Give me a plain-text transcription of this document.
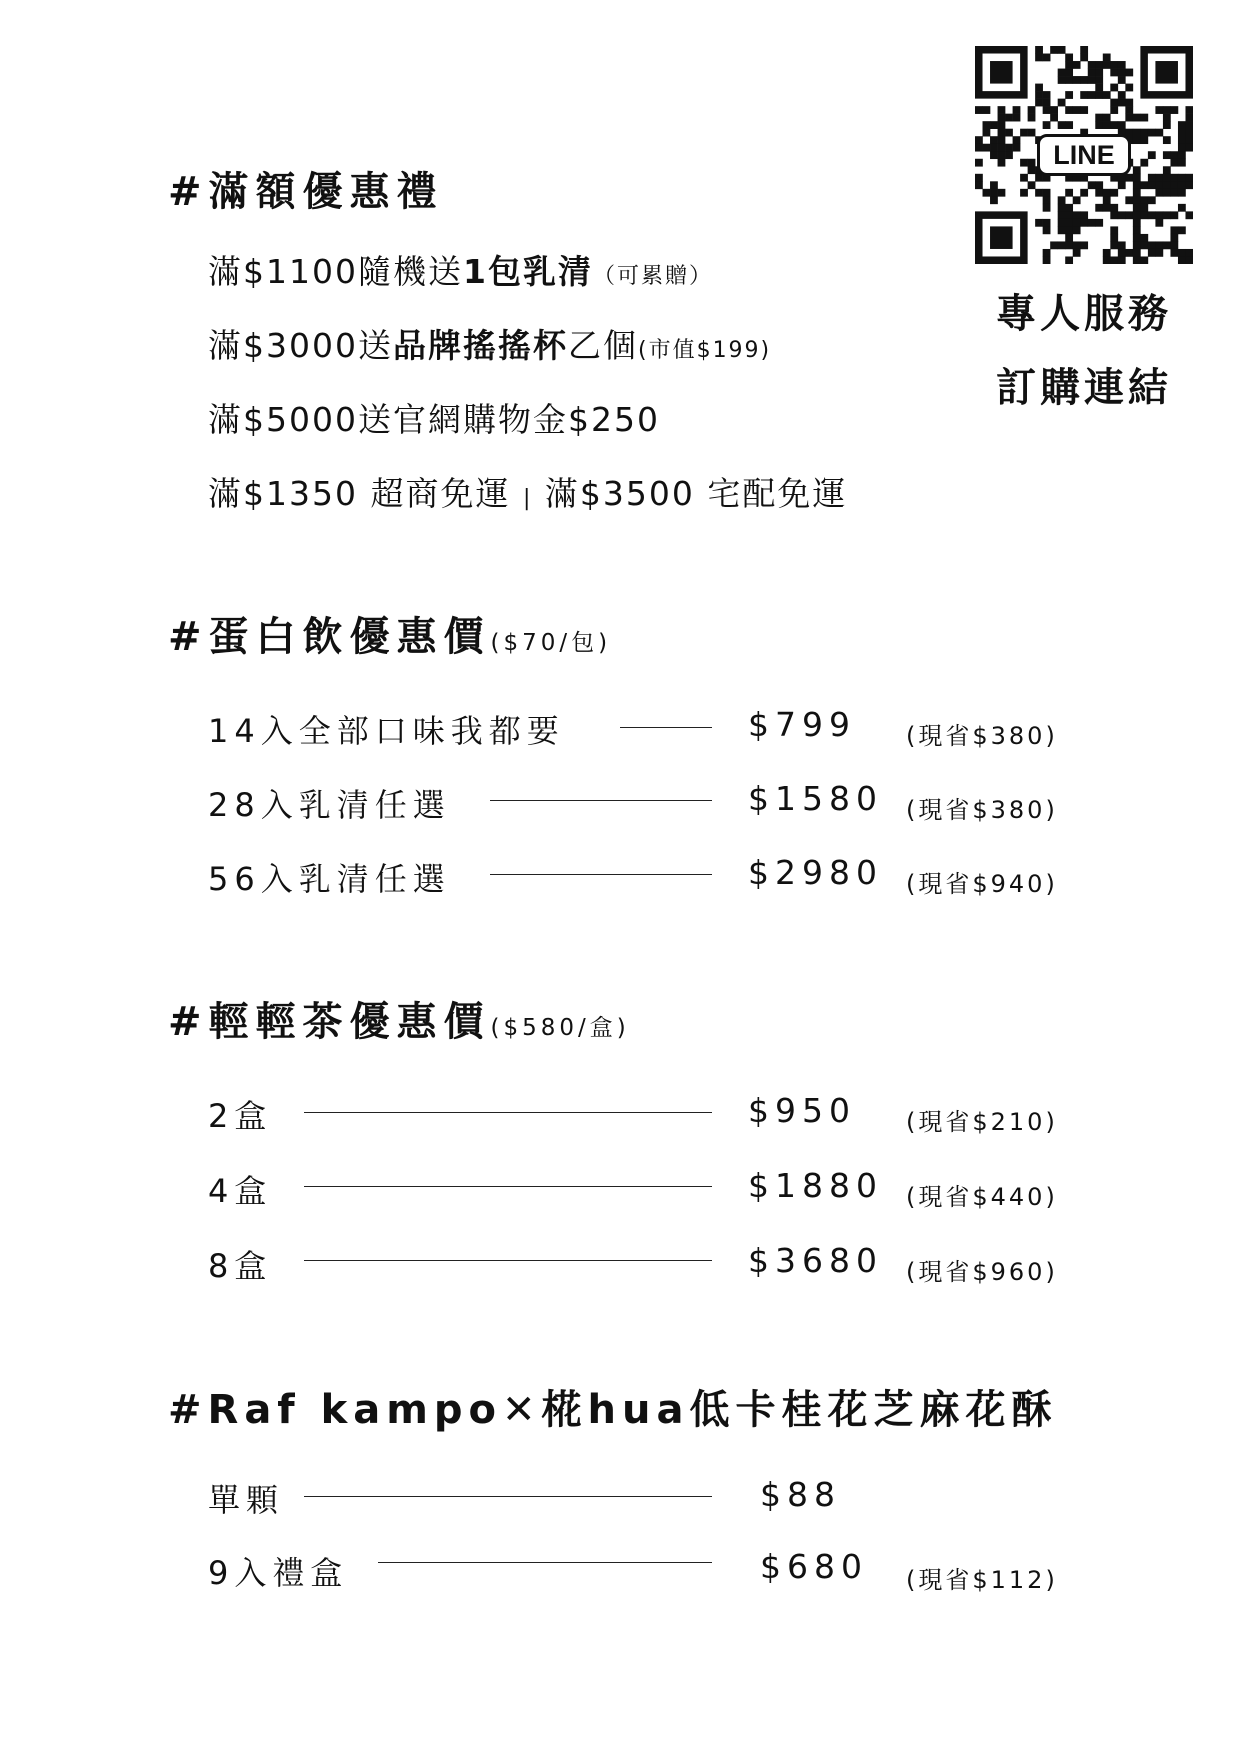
LINE
專人服務
訂購連結
#滿額優惠禮
滿$1100隨機送1包乳清（可累贈）
滿$3000送品牌搖搖杯乙個(市值$199)
滿$5000送官網購物金$250
滿$1350 超商免運 | 滿$3500 宅配免運
#蛋白飲優惠價($70/包)
14入全部口味我都要	$799 (現省$380)
28入乳清任選	$1580 (現省$380)
56入乳清任選	$2980 (現省$940)
#輕輕茶優惠價($580/盒)
2盒	$950 (現省$210)
4盒	$1880 (現省$440)
8盒	$3680 (現省$960)
#Raf kampo✕椛hua低卡桂花芝麻花酥
單顆	$88
9入禮盒	$680 (現省$112)
